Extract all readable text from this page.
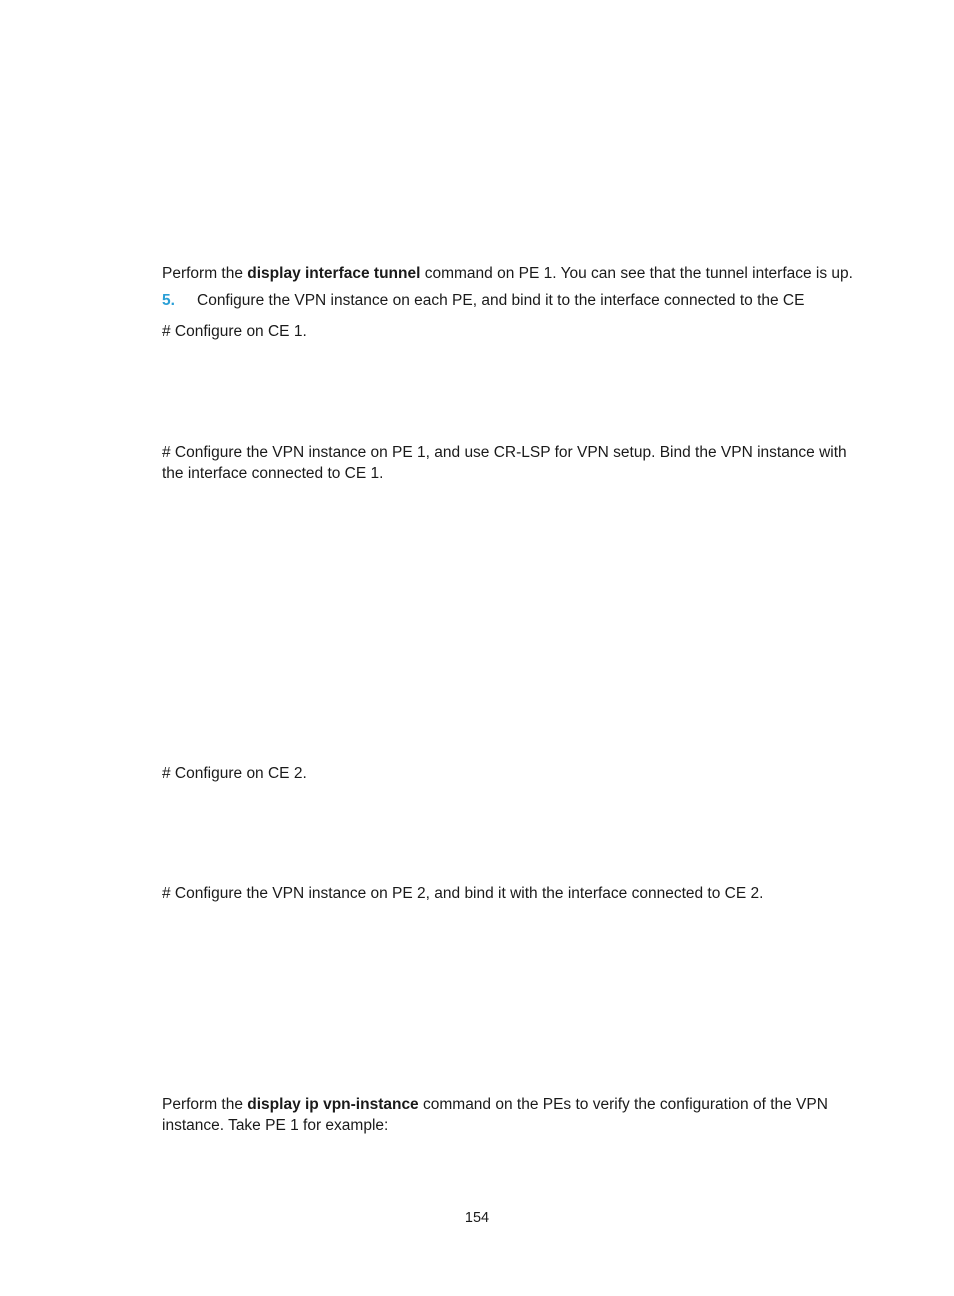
Perform the display interface tunnel command on PE 1. You can see that the tunnel interface is up.

5. Configure the VPN instance on each PE, and bind it to the interface connected to the CE

# Configure on CE 1.

# Configure the VPN instance on PE 1, and use CR-LSP for VPN setup. Bind the VPN instance with the interface connected to CE 1.

# Configure on CE 2.

# Configure the VPN instance on PE 2, and bind it with the interface connected to CE 2.

Perform the display ip vpn-instance command on the PEs to verify the configuration of the VPN instance. Take PE 1 for example:

154
